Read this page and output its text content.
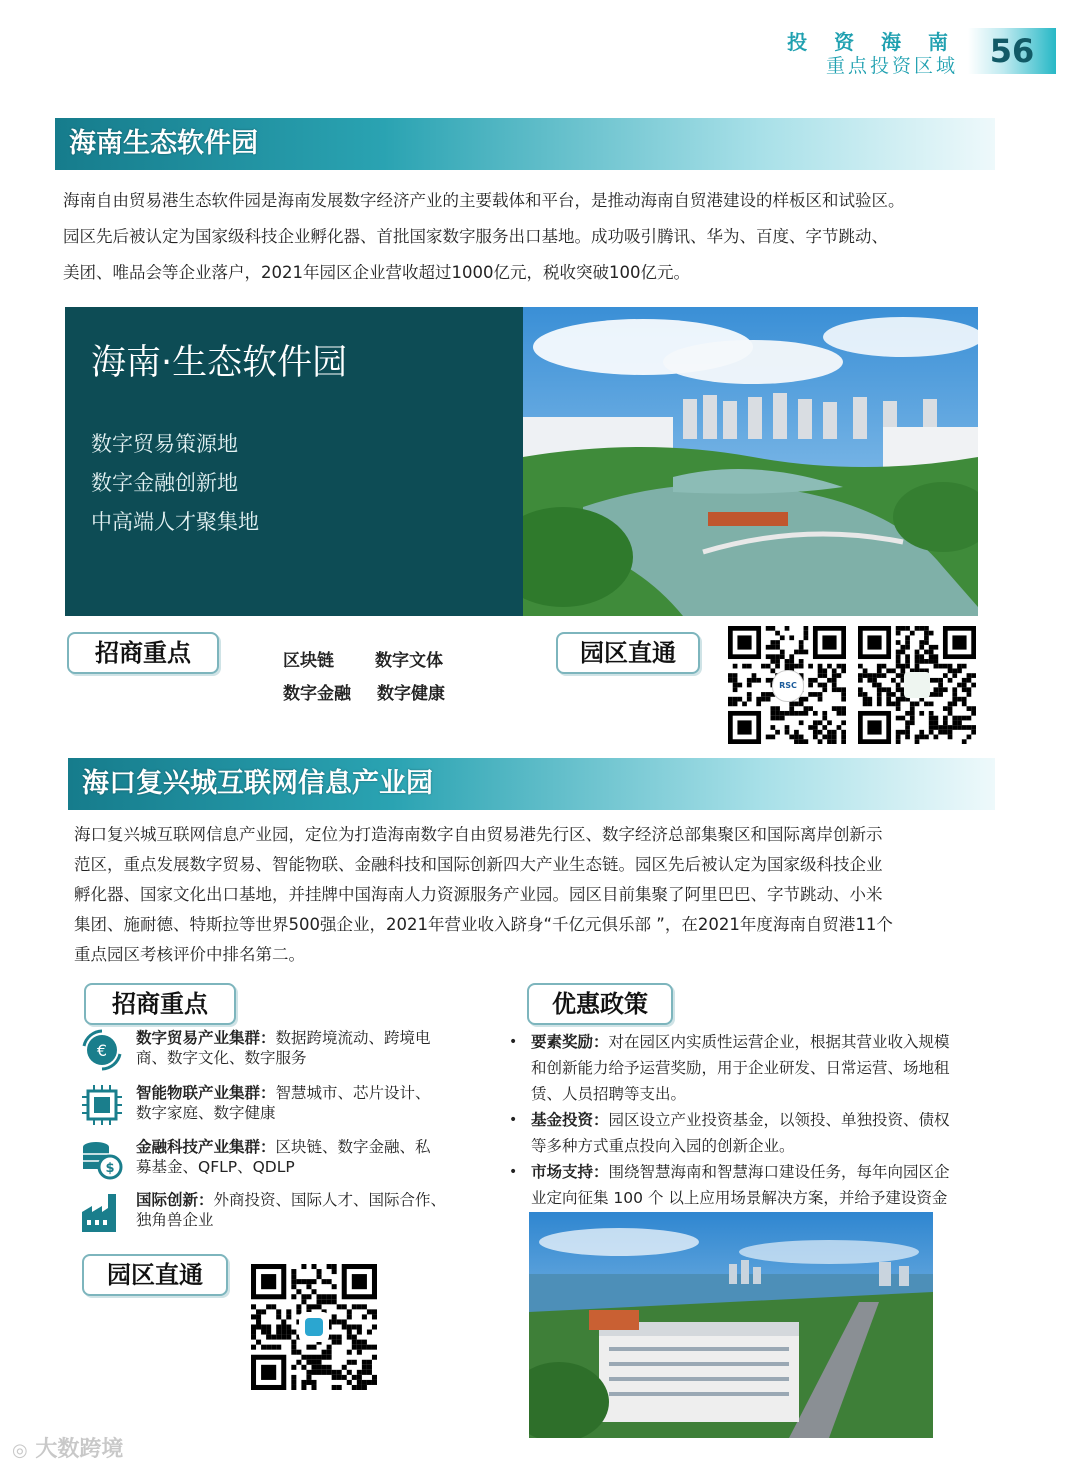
投 资 海 南
重点投资区域 56
海南生态软件园
海南自由贸易港生态软件园是海南发展数字经济产业的主要载体和平台，是推动海南自贸港建设的样板区和试验区。
园区先后被认定为国家级科技企业孵化器、首批国家数字服务出口基地。成功吸引腾讯、华为、百度、字节跳动、
美团、唯品会等企业落户，2021年园区企业营收超过1000亿元，税收突破100亿元。
海南·生态软件园
数字贸易策源地
数字金融创新地
中高端人才聚集地
招商重点	区块链 数字文体
数字金融 数字健康
园区直通
RSC
海口复兴城互联网信息产业园
海口复兴城互联网信息产业园，定位为打造海南数字自由贸易港先行区、数字经济总部集聚区和国际离岸创新示
范区，重点发展数字贸易、智能物联、金融科技和国际创新四大产业生态链。园区先后被认定为国家级科技企业
孵化器、国家文化出口基地，并挂牌中国海南人力资源服务产业园。园区目前集聚了阿里巴巴、字节跳动、小米
集团、施耐德、特斯拉等世界500强企业，2021年营业收入跻身“千亿元俱乐部 ”，在2021年度海南自贸港11个
重点园区考核评价中排名第二。
招商重点
€
数字贸易产业集群：数据跨境流动、跨境电
商、数字文化、数字服务
智能物联产业集群：智慧城市、芯片设计、
数字家庭、数字健康
$
金融科技产业集群：区块链、数字金融、私
募基金、QFLP、QDLP
国际创新：外商投资、国际人才、国际合作、
独角兽企业
园区直通
优惠政策
• 要素奖励：对在园区内实质性运营企业，根据其营业收入规模
和创新能力给予运营奖励，用于企业研发、日常运营、场地租
赁、人员招聘等支出。
• 基金投资：园区设立产业投资基金，以领投、单独投资、债权
等多种方式重点投向入园的创新企业。
• 市场支持：围绕智慧海南和智慧海口建设任务，每年向园区企
业定向征集 100 个 以上应用场景解决方案，并给予建设资金
◎ 大数跨境
